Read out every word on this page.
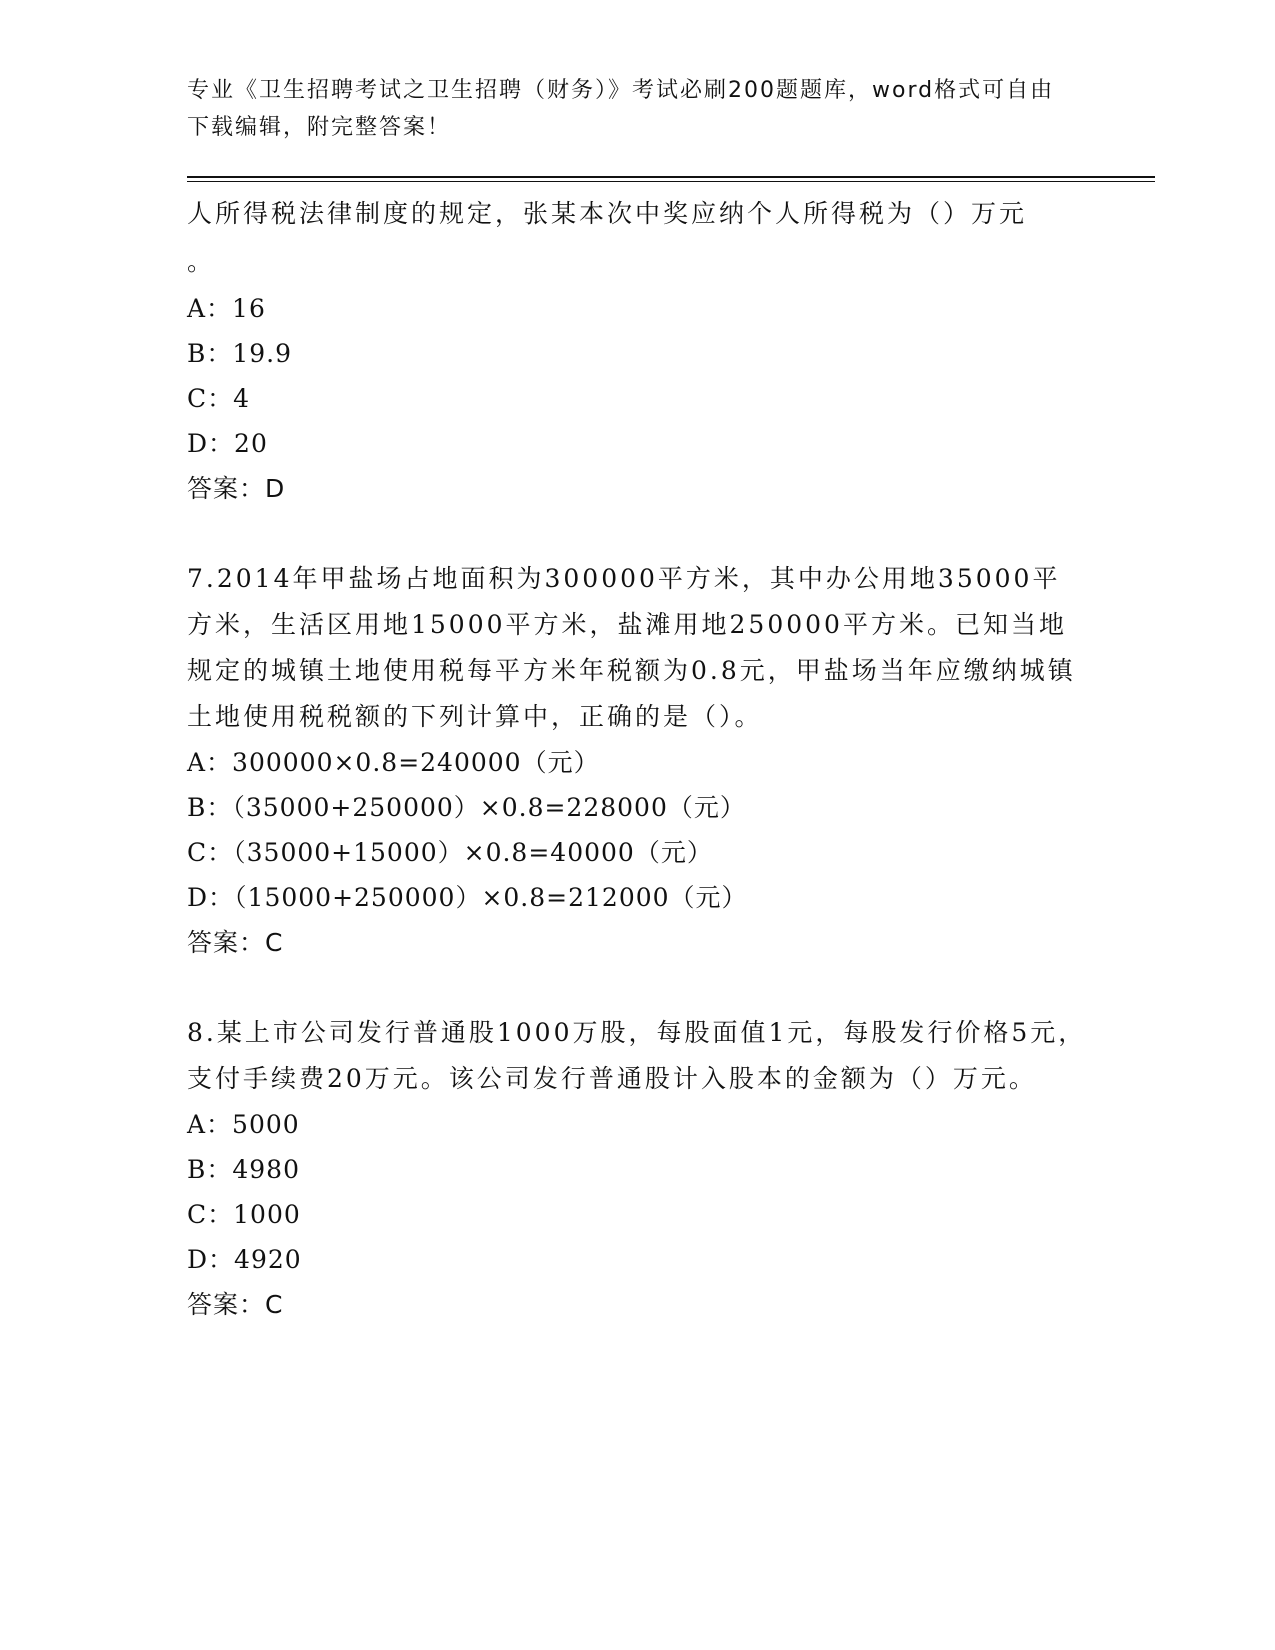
专业《卫生招聘考试之卫生招聘（财务）》考试必刷200题题库，word格式可自由下载编辑，附完整答案！
人所得税法律制度的规定，张某本次中奖应纳个人所得税为（）万元
。
A：16
B：19.9
C：4
D：20
答案：D
7.2014年甲盐场占地面积为300000平方米，其中办公用地35000平方米，生活区用地15000平方米，盐滩用地250000平方米。已知当地规定的城镇土地使用税每平方米年税额为0.8元，甲盐场当年应缴纳城镇土地使用税税额的下列计算中，正确的是（）。
A：300000×0.8=240000（元）
B：（35000+250000）×0.8=228000（元）
C：（35000+15000）×0.8=40000（元）
D：（15000+250000）×0.8=212000（元）
答案：C
8.某上市公司发行普通股1000万股，每股面值1元，每股发行价格5元，支付手续费20万元。该公司发行普通股计入股本的金额为（）万元。
A：5000
B：4980
C：1000
D：4920
答案：C
